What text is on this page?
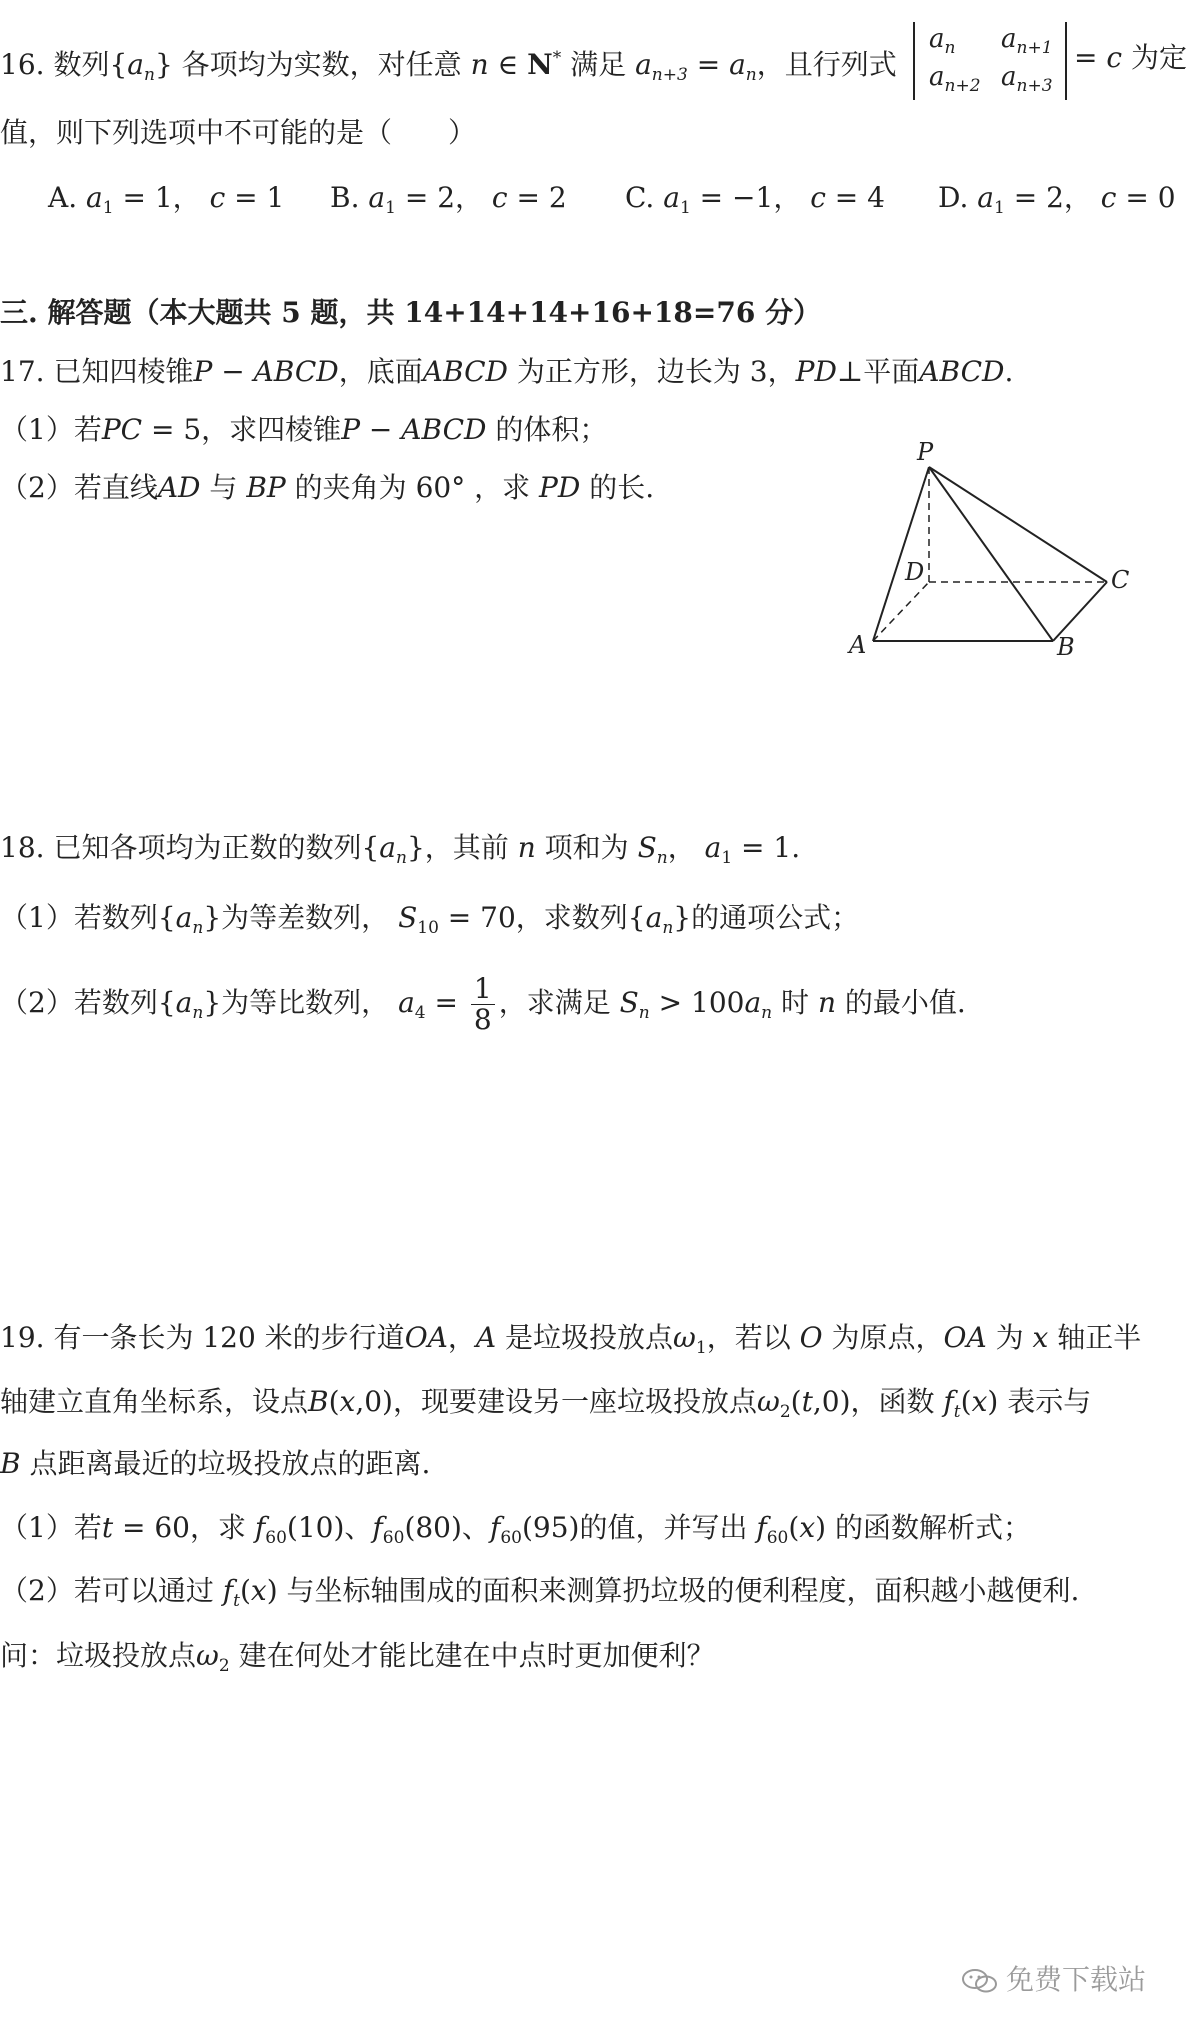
16. 数列$\{a_n\}$ 各项均为实数，对任意 n ∈ N* 满足 $a_{n+3} = a_n$，且行列式
$a_n$ $a_{n+1}$
$a_{n+2}$ $a_{n+3}$
= c 为定
值，则下列选项中不可能的是（　　）
A. $a_1 = 1$， c = 1 B. $a_1 = 2$， c = 2 C. $a_1 = -1$， c = 4 D. $a_1 = 2$， c = 0
三. 解答题（本大题共 5 题，共 14+14+14+16+18=76 分）
17. 已知四棱锥P − ABCD，底面ABCD 为正方形，边长为 3，PD⊥平面ABCD.
（1）若PC = 5，求四棱锥P − ABCD 的体积；
（2）若直线AD 与 BP 的夹角为 60° ，求 PD 的长.
P
D	C
A	B
18. 已知各项均为正数的数列$\{a_n\}$，其前 n 项和为 $S_n$， $a_1 = 1$.
（1）若数列$\{a_n\}$为等差数列， $S_{10} = 70$，求数列$\{a_n\}$的通项公式；
（2）若数列$\{a_n\}$为等比数列， $a_4 = \frac{1}{8}$ ，求满足 $S_n > 100a_n$ 时 n 的最小值.
19. 有一条长为 120 米的步行道OA，A 是垃圾投放点$\omega_1$，若以 O 为原点，OA 为 x 轴正半
轴建立直角坐标系，设点B(x,0)，现要建设另一座垃圾投放点$\omega_2(t,0)$，函数 $f_t(x)$ 表示与
B 点距离最近的垃圾投放点的距离.
（1）若t = 60，求 $f_{60}(10)$、$f_{60}(80)$、$f_{60}(95)$的值，并写出 $f_{60}(x)$ 的函数解析式；
（2）若可以通过 $f_t(x)$ 与坐标轴围成的面积来测算扔垃圾的便利程度，面积越小越便利.
问：垃圾投放点$\omega_2$ 建在何处才能比建在中点时更加便利？
免费下载站
